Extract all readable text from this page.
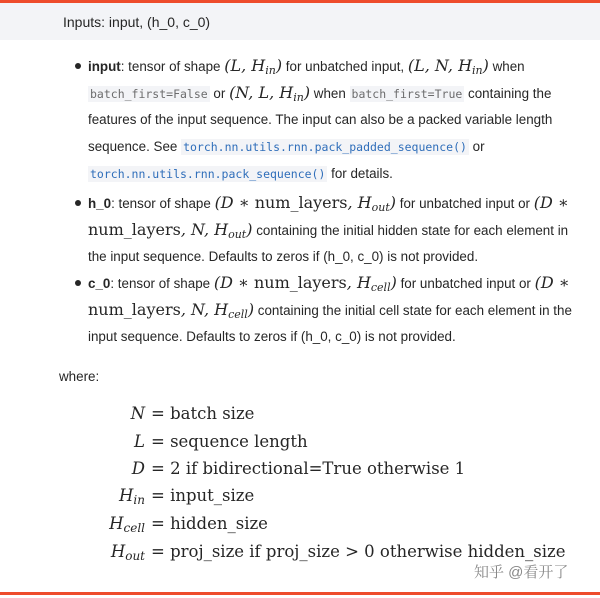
Inputs: input, (h_0, c_0)
input: tensor of shape (L, $H_{in}$) for unbatched input, (L, N, $H_{in}$) when
batch_first=False or (N, L, $H_{in}$) when batch_first=True containing the
features of the input sequence. The input can also be a packed variable length
sequence. See torch.nn.utils.rnn.pack_padded_sequence() or
torch.nn.utils.rnn.pack_sequence() for details.
h_0: tensor of shape (D ∗ num_layers, $H_{out}$) for unbatched input or (D ∗
num_layers, N, $H_{out}$) containing the initial hidden state for each element in
the input sequence. Defaults to zeros if (h_0, c_0) is not provided.
c_0: tensor of shape (D ∗ num_layers, $H_{cell}$) for unbatched input or (D ∗
num_layers, N, $H_{cell}$) containing the initial cell state for each element in the
input sequence. Defaults to zeros if (h_0, c_0) is not provided.
where:
N = batch size
L = sequence length
D = 2 if bidirectional=True otherwise 1
$H_{in}$ = input_size
$H_{cell}$ = hidden_size
$H_{out}$ = proj_size if proj_size > 0 otherwise hidden_size
知乎 @看开了
